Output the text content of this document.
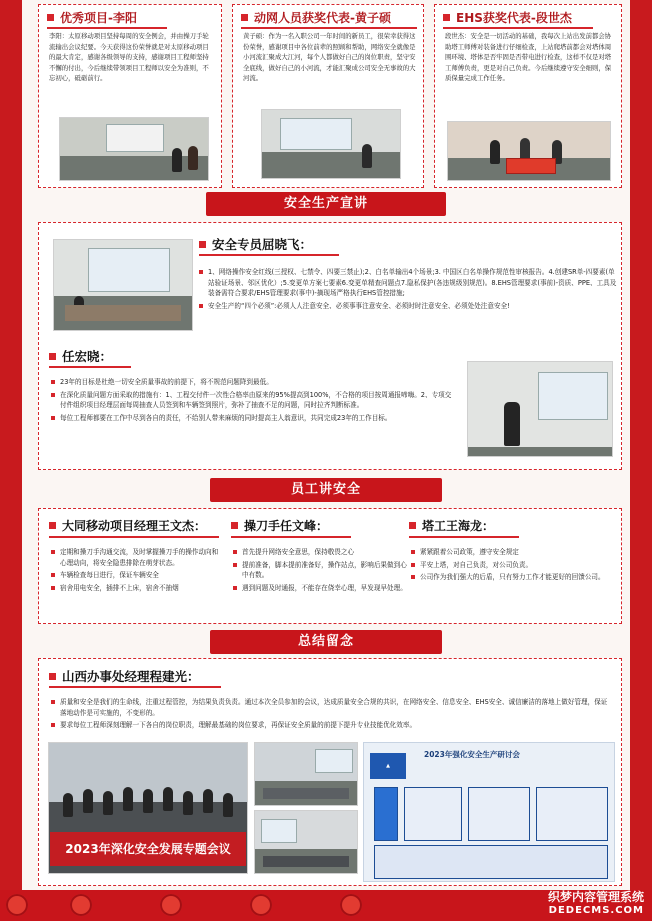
优秀项目-李阳
李阳：太原移动项目坚持每周的安全例会，并由操刀手轮流输出会议纪要。今天获得这份荣誉就是对太原移动项目的最大肯定，感谢各级领导的支持，感谢项目工程师坚持不懈的付出，今后继续带领项目工程师以安全为准则，不忘初心，砥砺前行。
动网人员获奖代表-黄子硕
黄子硕：作为一名入职公司一年时间的新员工，很荣幸获得这份荣誉，感谢项目中各位前辈的照顾和帮助，网络安全就像是小河流汇聚成大江河，每个人都做好自己的岗位职责，坚守安全底线，做好自己的小河流，才能汇聚成公司安全无事故的大河流。
EHS获奖代表-段世杰
段世杰：安全是一切活动的基础，我每次上站出发前都会协助塔工师傅对装备进行仔细检查，上站爬塔前都会对塔体周围环境、塔体是否牢固是否带电进行检查，这样不仅是对塔工师傅负责，更是对自己负责。今后继续遵守安全细则，保质保量完成工作任务。
安全生产宣讲
安全专员屈晓飞：
1、网络操作安全红线(三授权、七禁令、四要三禁止);2、白名单输出4个场景;3. 中国区白名单操作规范性审核报告。4.创建SR单-四要素(单站验证场景、邻区优化）;5.变更单方案七要素6.变更单精查问题点7.隐私保护(各违规级别规范)。8.EHS管理要求(事前)-资质、PPE、工具及装备需符合要求/EHS管理要求(事中)-摘现场严格执行EHS管控措施;
安全生产的“四个必须”:必须人人注意安全、必须事事注意安全、必须时时注意安全、必须处处注意安全!
任宏晓：
23年的目标是杜绝一切安全质量事故的前提下，将不规范问题降到最低。
在深化质量问题方面采取的措施有：1、工程交付件一次性合格率由原来的95%提高到100%，不合格的项目按周通报啼嗨。2、专项交付件组织项目经理层面每周抽查人员签到和车辆签到照片，弥补了抽查不足的问题，同时拉齐判断标准。
每位工程师都要在工作中尽到各自的责任，不给别人带来麻烦的同时提高主人翁意识，共同完成23年的工作目标。
员工讲安全
大同移动项目经理王文杰：
定期和操刀手沟通交流，及时掌握操刀手的操作动向和心理动向，将安全隐患排除在萌芽状态。
车辆检查每日进行，保证车辆安全
宿舍用电安全，插排不上床，宿舍不抽烟
操刀手任文峰：
首先提升网络安全意思，保持敬畏之心
提前准备，脚本提前准备好，操作站点，影响后果做到心中有数。
遇到问题及时通报，不能存在侥幸心理，早发现早处理。
塔工王海龙：
紧紧跟着公司政策，遵守安全规定
平安上塔，对自己负责，对公司负责。
公司作为我们强大的后盾，只有努力工作才能更好的回馈公司。
总结留念
山西办事处经理程建光：
质量和安全是我们的生命线，注重过程管控，为结果负责负责。通过本次全员参加的会议，达成质量安全合规的共识，在网络安全、信息安全、EHS安全、诚信廉洁的落地上做好管理，保证落地动作是可实施的，不变形的。
要求每位工程师深刻理解一下各自的岗位职责，理解最基础的岗位要求，再保证安全质量的前提下提升专业技能优化效率。
2023年深化安全发展专题会议
▲
2023年强化安全生产研讨会
织梦内容管理系统
DEDECMS.COM
